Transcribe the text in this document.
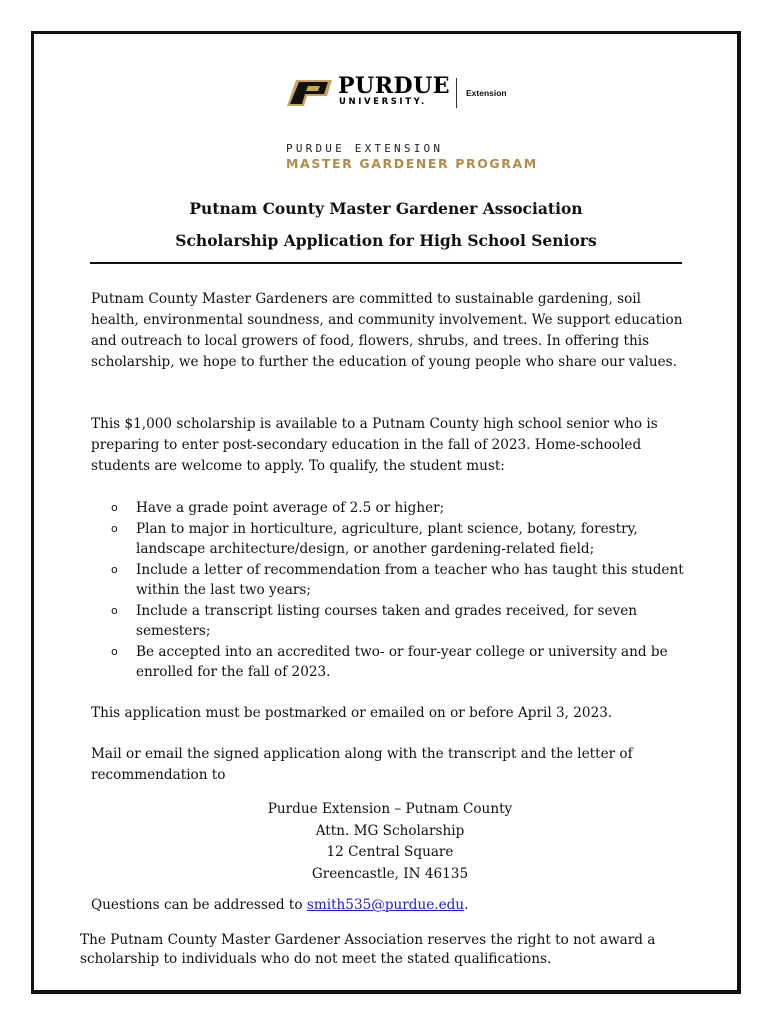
PURDUE
UNIVERSITY.
Extension
PURDUE EXTENSION
MASTER GARDENER PROGRAM
Putnam County Master Gardener Association
Scholarship Application for High School Seniors

Putnam County Master Gardeners are committed to sustainable gardening, soil health, environmental soundness, and community involvement. We support education and outreach to local growers of food, flowers, shrubs, and trees. In offering this scholarship, we hope to further the education of young people who share our values.

This $1,000 scholarship is available to a Putnam County high school senior who is preparing to enter post-secondary education in the fall of 2023. Home-schooled students are welcome to apply. To qualify, the student must:

o Have a grade point average of 2.5 or higher;
o Plan to major in horticulture, agriculture, plant science, botany, forestry, landscape architecture/design, or another gardening-related field;
o Include a letter of recommendation from a teacher who has taught this student within the last two years;
o Include a transcript listing courses taken and grades received, for seven semesters;
o Be accepted into an accredited two- or four-year college or university and be enrolled for the fall of 2023.

This application must be postmarked or emailed on or before April 3, 2023.

Mail or email the signed application along with the transcript and the letter of recommendation to

Purdue Extension – Putnam County
Attn. MG Scholarship
12 Central Square
Greencastle, IN 46135

Questions can be addressed to smith535@purdue.edu.

The Putnam County Master Gardener Association reserves the right to not award a scholarship to individuals who do not meet the stated qualifications.
